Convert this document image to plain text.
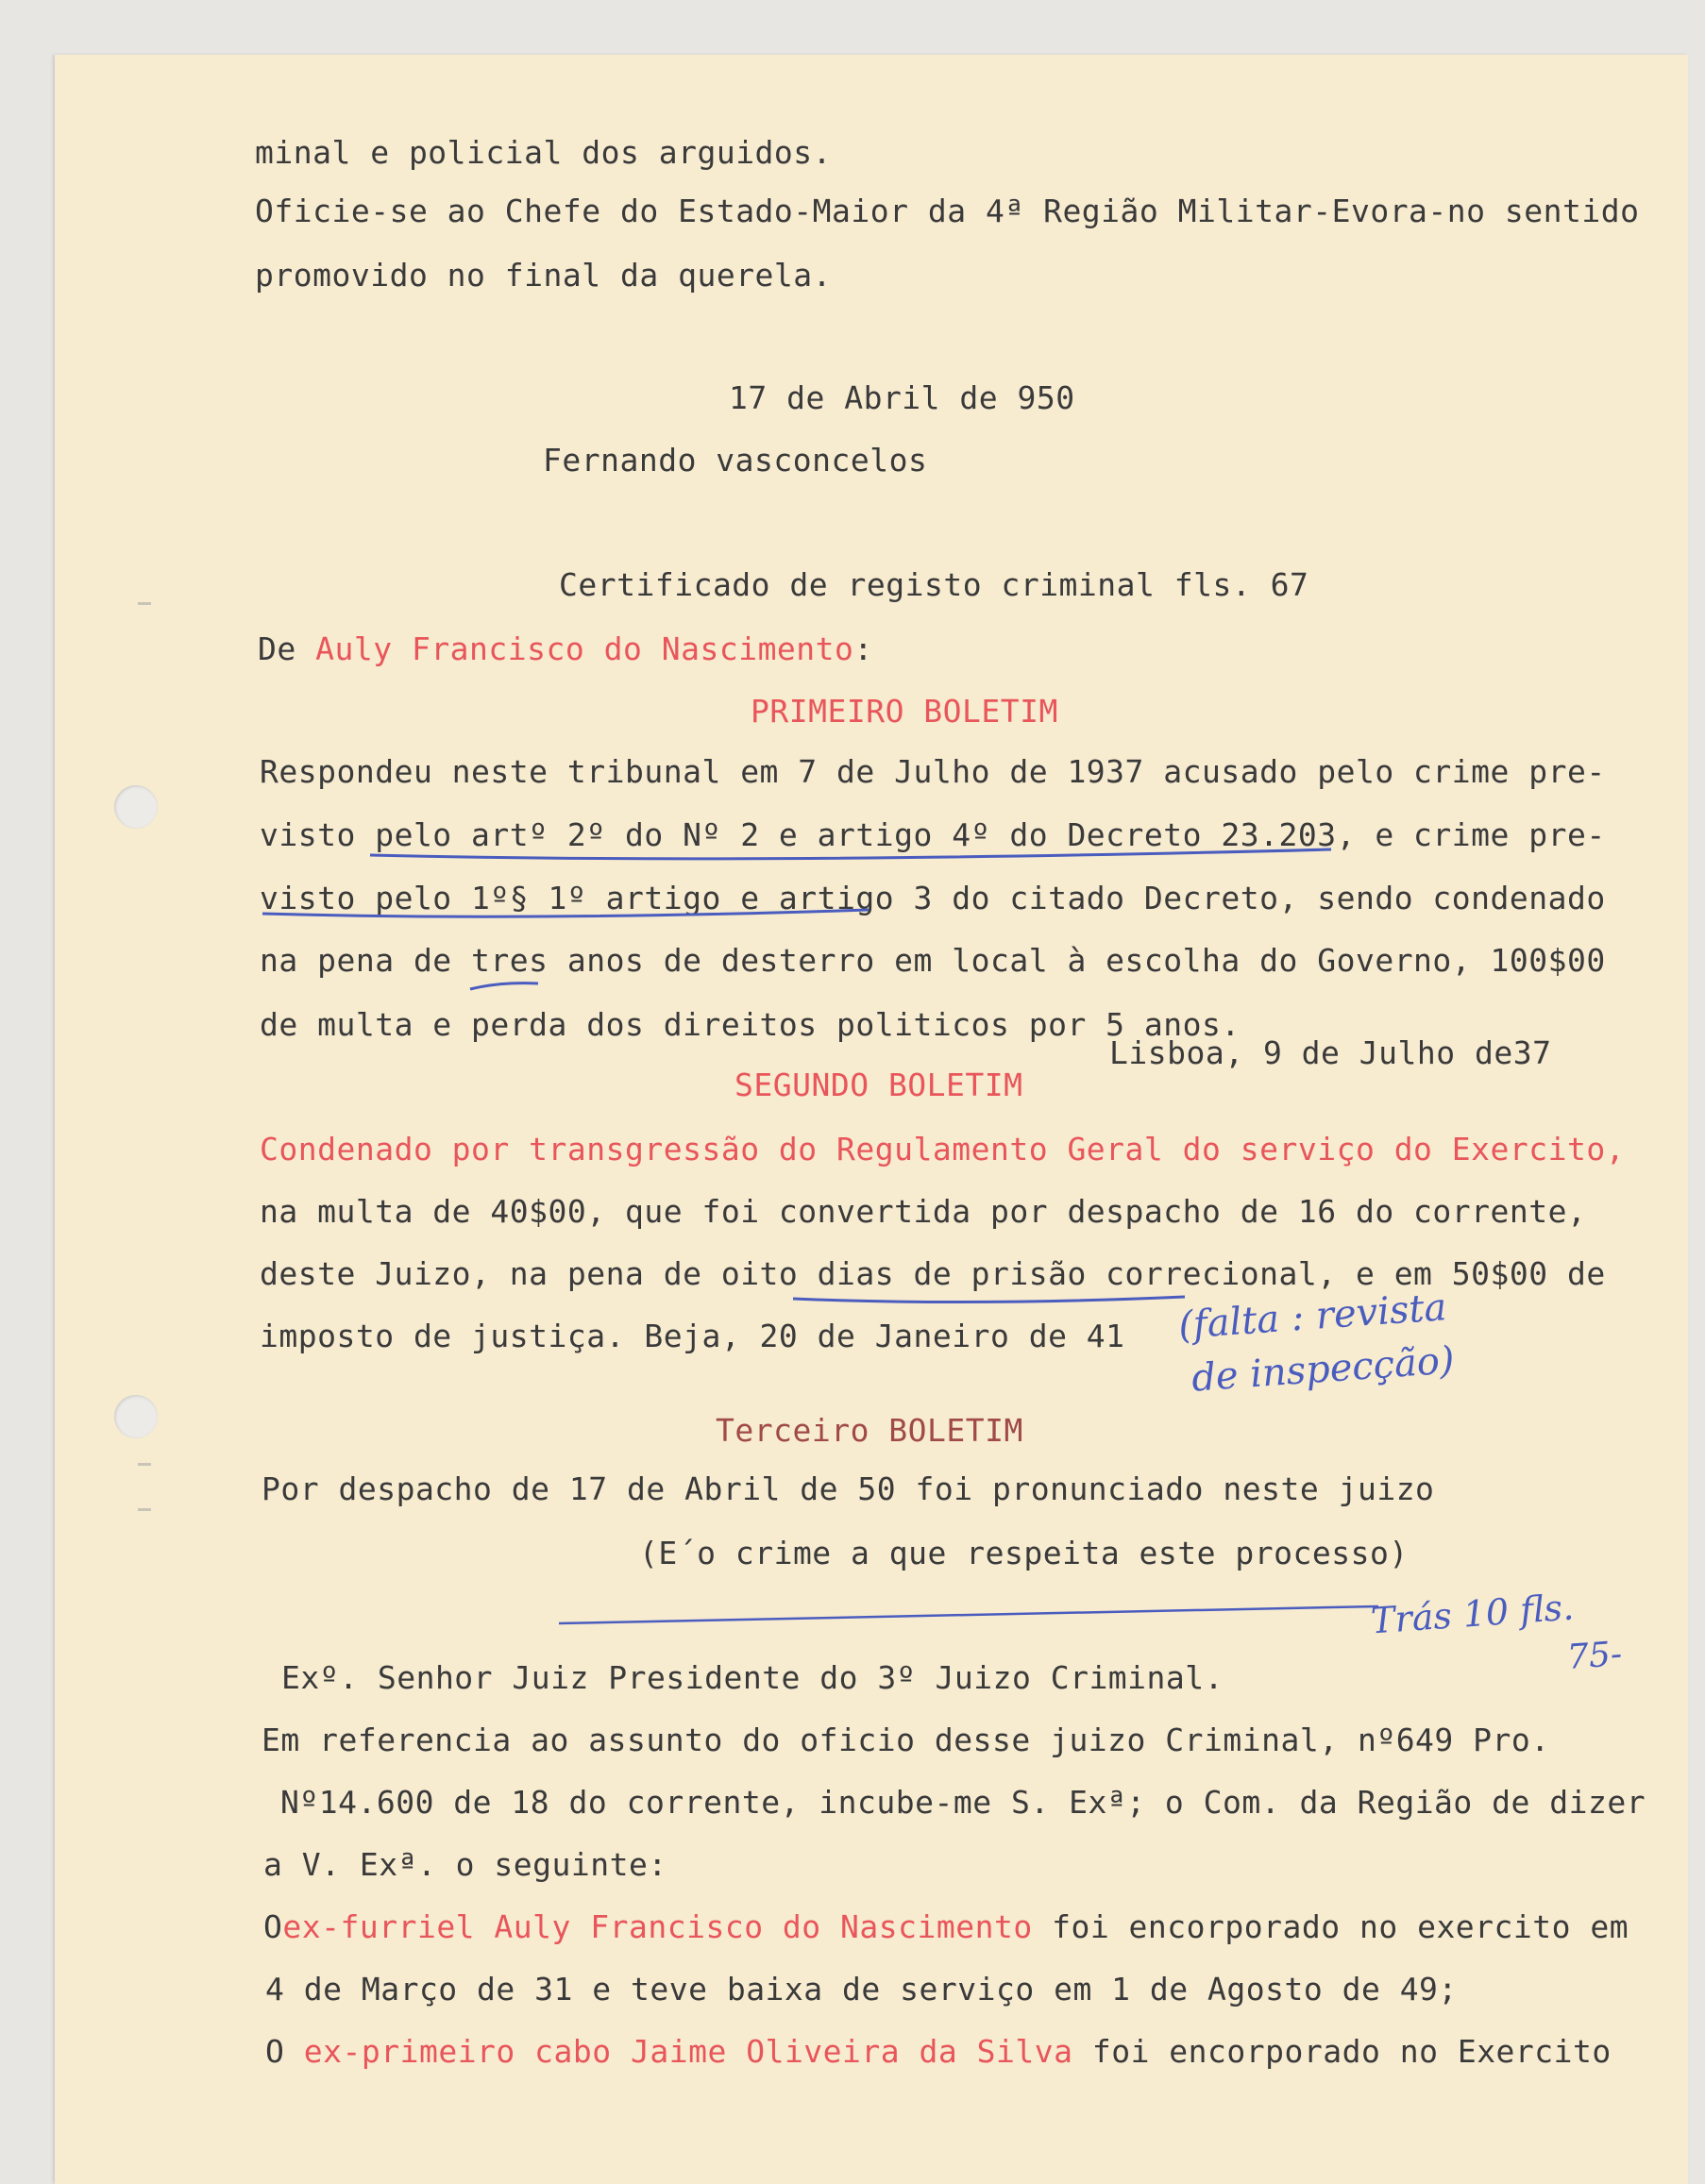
minal e policial dos arguidos.
Oficie-se ao Chefe do Estado-Maior da 4ª Região Militar-Evora-no sentido
promovido no final da querela.
17 de Abril de 950
Fernando vasconcelos
Certificado de registo criminal fls. 67
De Auly Francisco do Nascimento:
PRIMEIRO BOLETIM
Respondeu neste tribunal em 7 de Julho de 1937 acusado pelo crime pre-
visto pelo artº 2º do Nº 2 e artigo 4º do Decreto 23.203, e crime pre-
visto pelo 1º§ 1º artigo e artigo 3 do citado Decreto, sendo condenado
na pena de tres anos de desterro em local à escolha do Governo, 100$00
de multa e perda dos direitos politicos por 5 anos.
Lisboa, 9 de Julho de37
SEGUNDO BOLETIM
Condenado por transgressão do Regulamento Geral do serviço do Exercito,
na multa de 40$00, que foi convertida por despacho de 16 do corrente,
deste Juizo, na pena de oito dias de prisão correcional, e em 50$00 de
imposto de justiça. Beja, 20 de Janeiro de 41 (falta : revista
de inspecção)
Terceiro BOLETIM
Por despacho de 17 de Abril de 50 foi pronunciado neste juizo
(E´o crime a que respeita este processo)
Trás 10 fls.
75-
Exº. Senhor Juiz Presidente do 3º Juizo Criminal.
Em referencia ao assunto do oficio desse juizo Criminal, nº649 Pro.
Nº14.600 de 18 do corrente, incube-me S. Exª; o Com. da Região de dizer
a V. Exª. o seguinte:
Oex-furriel Auly Francisco do Nascimento foi encorporado no exercito em
4 de Março de 31 e teve baixa de serviço em 1 de Agosto de 49;
O ex-primeiro cabo Jaime Oliveira da Silva foi encorporado no Exercito
